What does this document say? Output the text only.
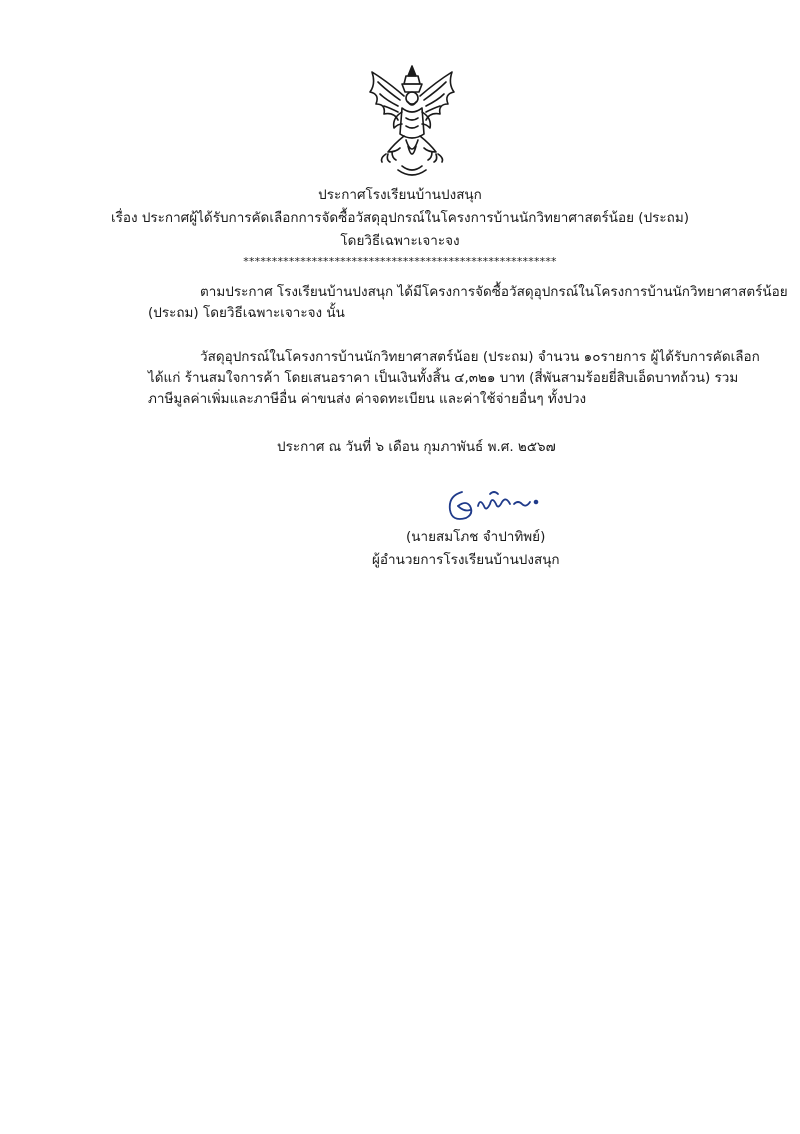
ประกาศโรงเรียนบ้านปงสนุก
เรื่อง ประกาศผู้ได้รับการคัดเลือกการจัดซื้อวัสดุอุปกรณ์ในโครงการบ้านนักวิทยาศาสตร์น้อย (ประถม)
โดยวิธีเฉพาะเจาะจง
*******************************************************
ตามประกาศ โรงเรียนบ้านปงสนุก ได้มีโครงการจัดซื้อวัสดุอุปกรณ์ในโครงการบ้านนักวิทยาศาสตร์น้อย
(ประถม) โดยวิธีเฉพาะเจาะจง นั้น
วัสดุอุปกรณ์ในโครงการบ้านนักวิทยาศาสตร์น้อย (ประถม) จำนวน ๑๐รายการ ผู้ได้รับการคัดเลือก
ได้แก่ ร้านสมใจการค้า โดยเสนอราคา เป็นเงินทั้งสิ้น ๔,๓๒๑ บาท (สี่พันสามร้อยยี่สิบเอ็ดบาทถ้วน) รวม
ภาษีมูลค่าเพิ่มและภาษีอื่น ค่าขนส่ง ค่าจดทะเบียน และค่าใช้จ่ายอื่นๆ ทั้งปวง
ประกาศ ณ วันที่ ๖ เดือน กุมภาพันธ์ พ.ศ. ๒๕๖๗
(นายสมโภช จำปาทิพย์)
ผู้อำนวยการโรงเรียนบ้านปงสนุก
